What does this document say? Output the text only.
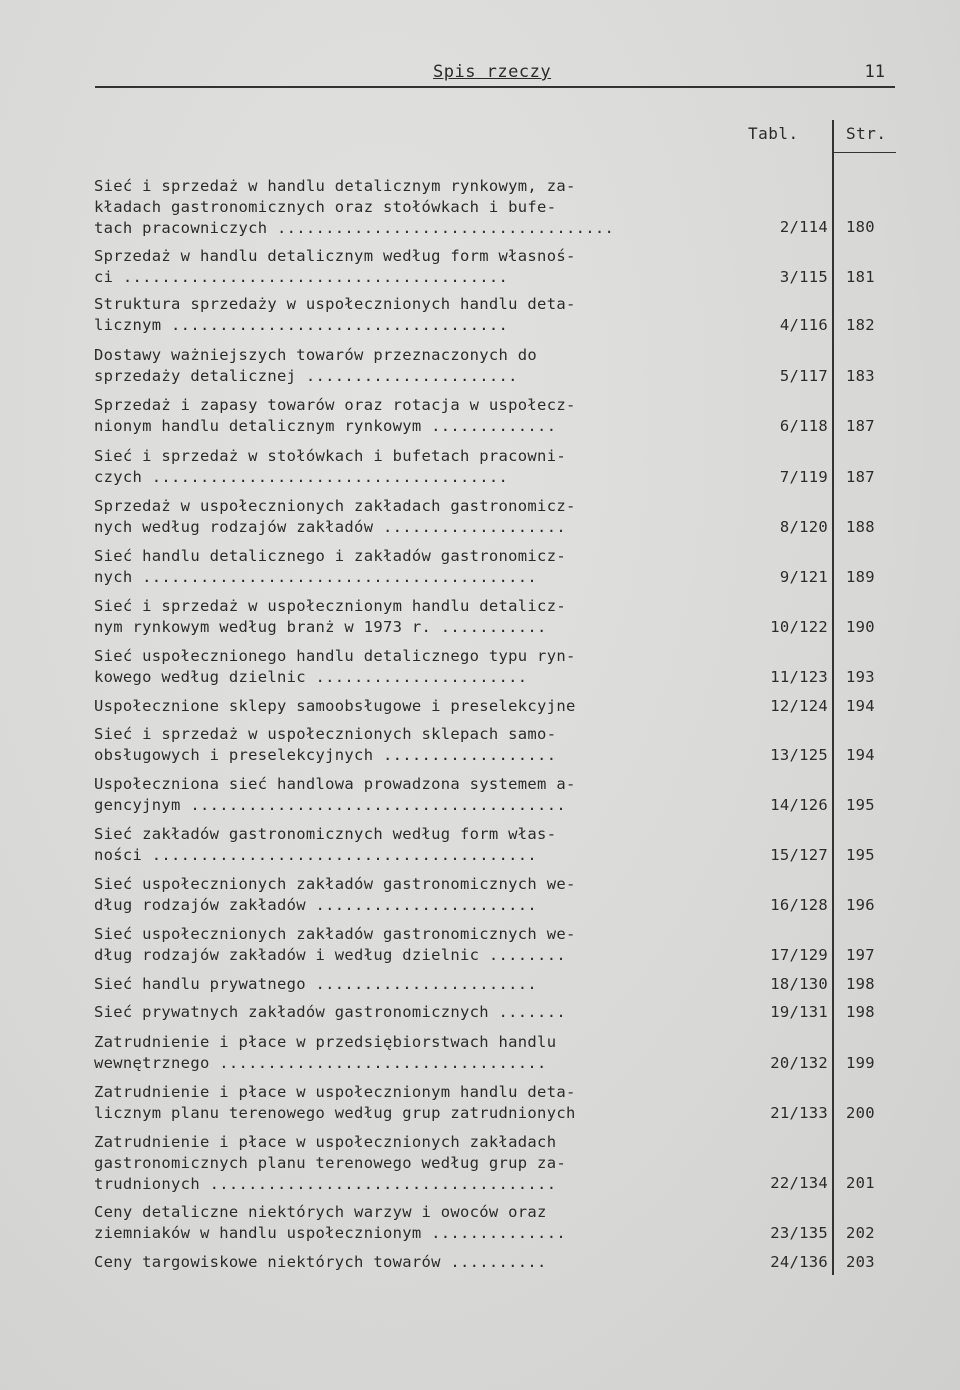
Spis rzeczy	11
Tabl.	Str.
Sieć i sprzedaż w handlu detalicznym rynkowym, za-
kładach gastronomicznych oraz stołówkach i bufe-
tach pracowniczych ...................................	2/114 180
Sprzedaż w handlu detalicznym według form własnoś-
ci ........................................	3/115 181
Struktura sprzedaży w uspołecznionych handlu deta-
licznym ...................................	4/116 182
Dostawy ważniejszych towarów przeznaczonych do
sprzedaży detalicznej ......................	5/117 183
Sprzedaż i zapasy towarów oraz rotacja w uspołecz-
nionym handlu detalicznym rynkowym .............	6/118 187
Sieć i sprzedaż w stołówkach i bufetach pracowni-
czych .....................................	7/119 187
Sprzedaż w uspołecznionych zakładach gastronomicz-
nych według rodzajów zakładów ...................	8/120 188
Sieć handlu detalicznego i zakładów gastronomicz-
nych .........................................	9/121 189
Sieć i sprzedaż w uspołecznionym handlu detalicz-
nym rynkowym według branż w 1973 r. ...........	10/122 190
Sieć uspołecznionego handlu detalicznego typu ryn-
kowego według dzielnic ......................	11/123 193
Uspołecznione sklepy samoobsługowe i preselekcyjne	12/124 194
Sieć i sprzedaż w uspołecznionych sklepach samo-
obsługowych i preselekcyjnych ..................	13/125 194
Uspołeczniona sieć handlowa prowadzona systemem a-
gencyjnym .......................................	14/126 195
Sieć zakładów gastronomicznych według form włas-
ności ........................................	15/127 195
Sieć uspołecznionych zakładów gastronomicznych we-
dług rodzajów zakładów .......................	16/128 196
Sieć uspołecznionych zakładów gastronomicznych we-
dług rodzajów zakładów i według dzielnic ........	17/129 197
Sieć handlu prywatnego .......................	18/130 198
Sieć prywatnych zakładów gastronomicznych .......	19/131 198
Zatrudnienie i płace w przedsiębiorstwach handlu
wewnętrznego ..................................	20/132 199
Zatrudnienie i płace w uspołecznionym handlu deta-
licznym planu terenowego według grup zatrudnionych	21/133 200
Zatrudnienie i płace w uspołecznionych zakładach
gastronomicznych planu terenowego według grup za-
trudnionych ....................................	22/134 201
Ceny detaliczne niektórych warzyw i owoców oraz
ziemniaków w handlu uspołecznionym ..............	23/135 202
Ceny targowiskowe niektórych towarów ..........	24/136 203
